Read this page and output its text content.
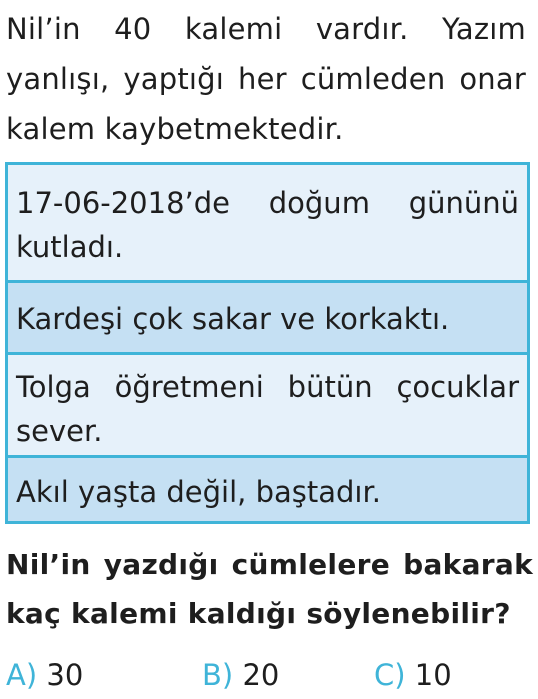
Nil’in 40 kalemi vardır. Yazım yanlışı, yaptığı her cümleden onar kalem kaybetmektedir.
17-06-2018’de doğum gününü kutladı.
Kardeşi çok sakar ve korkaktı.
Tolga öğretmeni bütün çocuklar sever.
Akıl yaşta değil, baştadır.
Nil’in yazdığı cümlelere bakarak kaç kalemi kaldığı söylenebilir?
A) 30	B) 20	C) 10
